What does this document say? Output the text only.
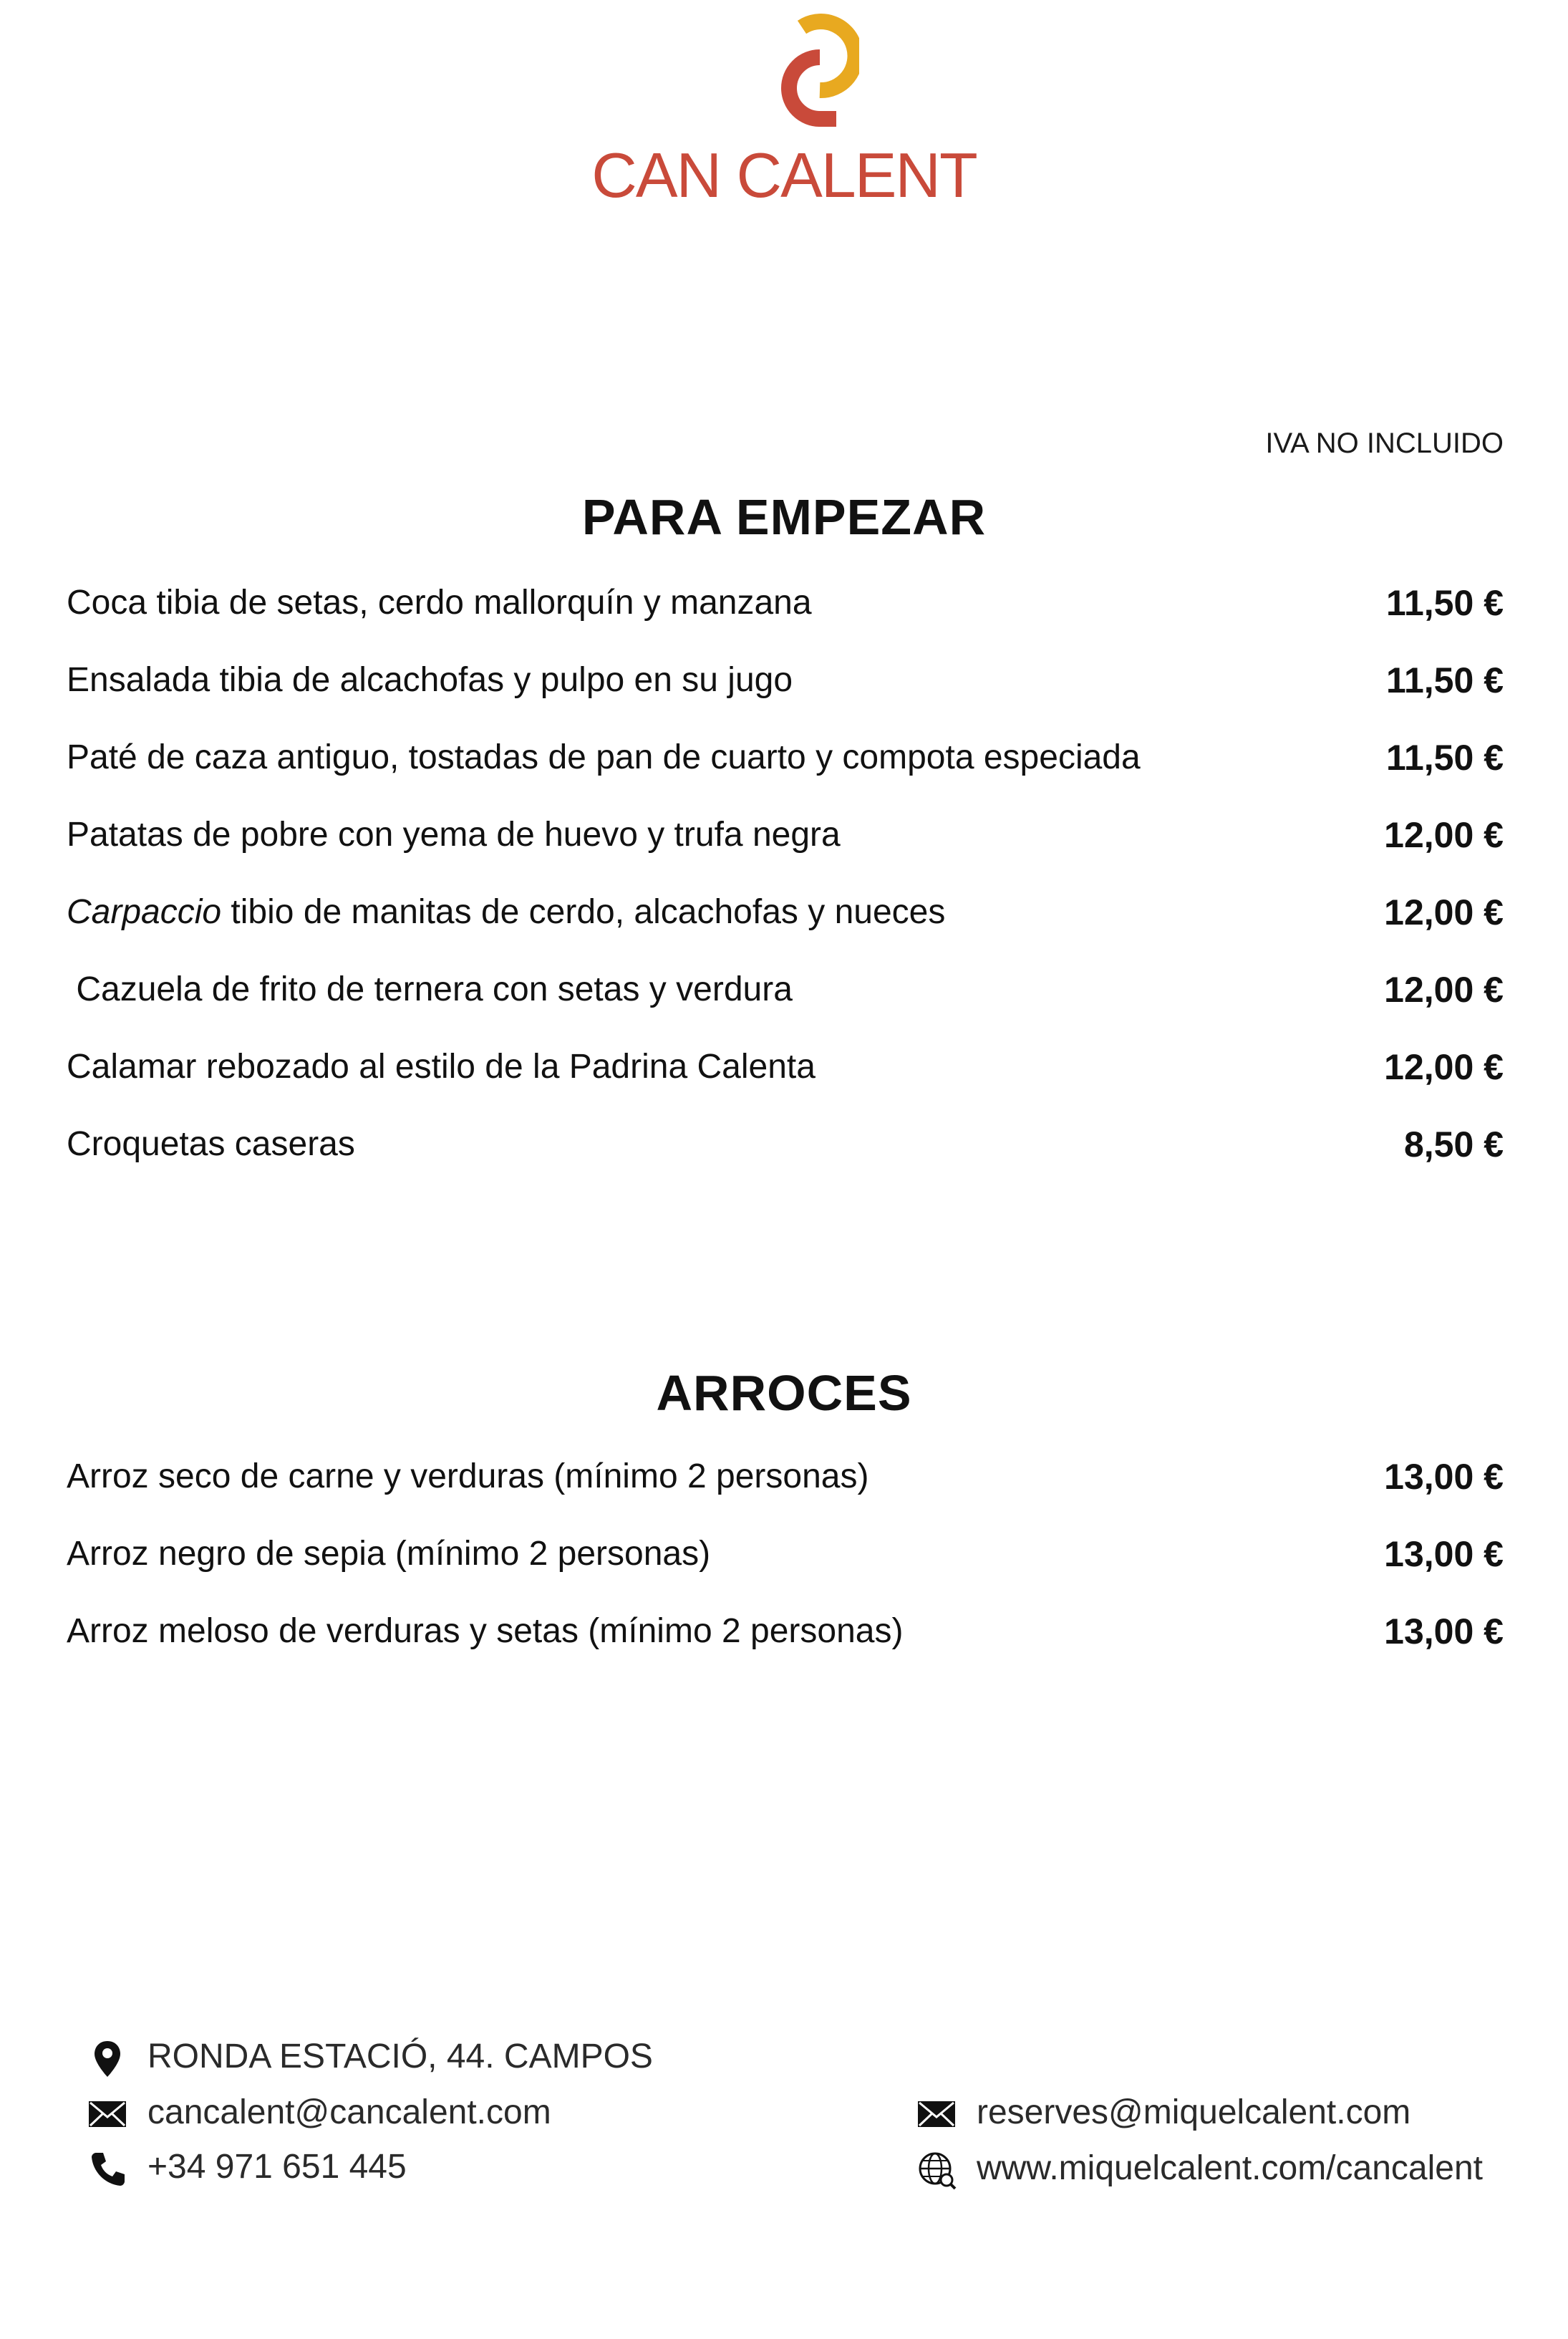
CAN CALENT
IVA NO INCLUIDO
PARA EMPEZAR
Coca tibia de setas, cerdo mallorquín y manzana	11,50 €
Ensalada tibia de alcachofas y pulpo en su jugo	11,50 €
Paté de caza antiguo, tostadas de pan de cuarto y compota especiada	11,50 €
Patatas de pobre con yema de huevo y trufa negra	12,00 €
Carpaccio tibio de manitas de cerdo, alcachofas y nueces	12,00 €
Cazuela de frito de ternera con setas y verdura	12,00 €
Calamar rebozado al estilo de la Padrina Calenta	12,00 €
Croquetas caseras	8,50 €
ARROCES
Arroz seco de carne y verduras (mínimo 2 personas)	13,00 €
Arroz negro de sepia (mínimo 2 personas)	13,00 €
Arroz meloso de verduras y setas (mínimo 2 personas)	13,00 €
RONDA ESTACIÓ, 44. CAMPOS
cancalent@cancalent.com
+34 971 651 445
reserves@miquelcalent.com
www.miquelcalent.com/cancalent
